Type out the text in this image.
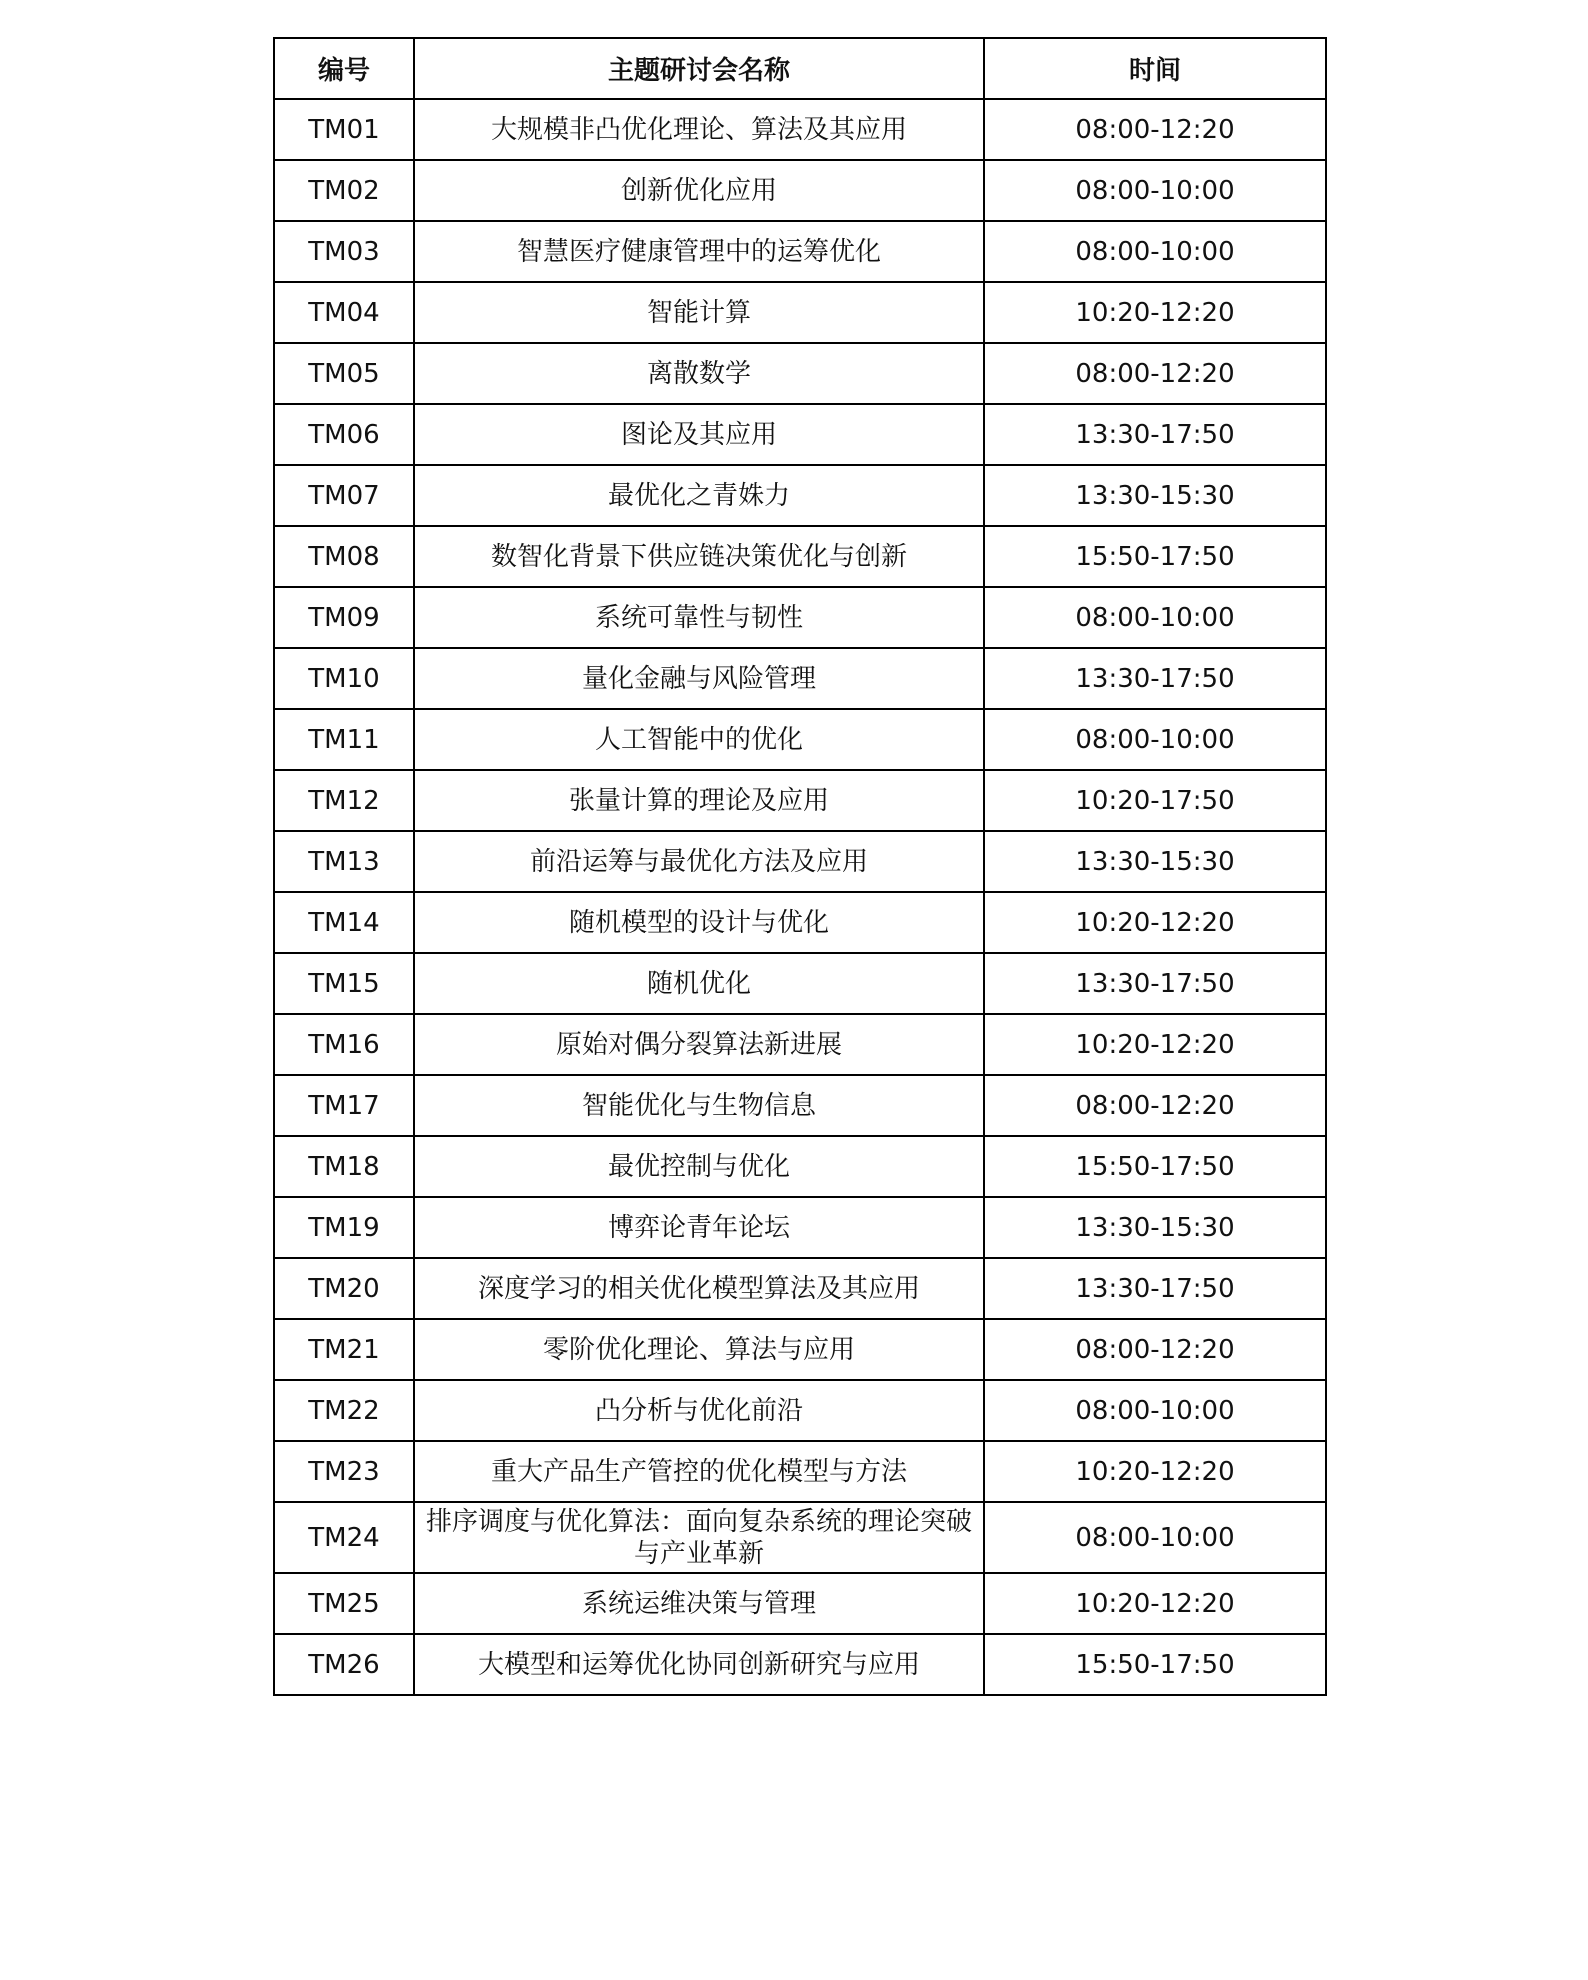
编号	主题研讨会名称	时间
TM01	大规模非凸优化理论、算法及其应用	08:00-12:20
TM02	创新优化应用	08:00-10:00
TM03	智慧医疗健康管理中的运筹优化	08:00-10:00
TM04	智能计算	10:20-12:20
TM05	离散数学	08:00-12:20
TM06	图论及其应用	13:30-17:50
TM07	最优化之青姝力	13:30-15:30
TM08	数智化背景下供应链决策优化与创新	15:50-17:50
TM09	系统可靠性与韧性	08:00-10:00
TM10	量化金融与风险管理	13:30-17:50
TM11	人工智能中的优化	08:00-10:00
TM12	张量计算的理论及应用	10:20-17:50
TM13	前沿运筹与最优化方法及应用	13:30-15:30
TM14	随机模型的设计与优化	10:20-12:20
TM15	随机优化	13:30-17:50
TM16	原始对偶分裂算法新进展	10:20-12:20
TM17	智能优化与生物信息	08:00-12:20
TM18	最优控制与优化	15:50-17:50
TM19	博弈论青年论坛	13:30-15:30
TM20	深度学习的相关优化模型算法及其应用	13:30-17:50
TM21	零阶优化理论、算法与应用	08:00-12:20
TM22	凸分析与优化前沿	08:00-10:00
TM23	重大产品生产管控的优化模型与方法	10:20-12:20
TM24	排序调度与优化算法：面向复杂系统的理论突破与产业革新	08:00-10:00
TM25	系统运维决策与管理	10:20-12:20
TM26	大模型和运筹优化协同创新研究与应用	15:50-17:50
